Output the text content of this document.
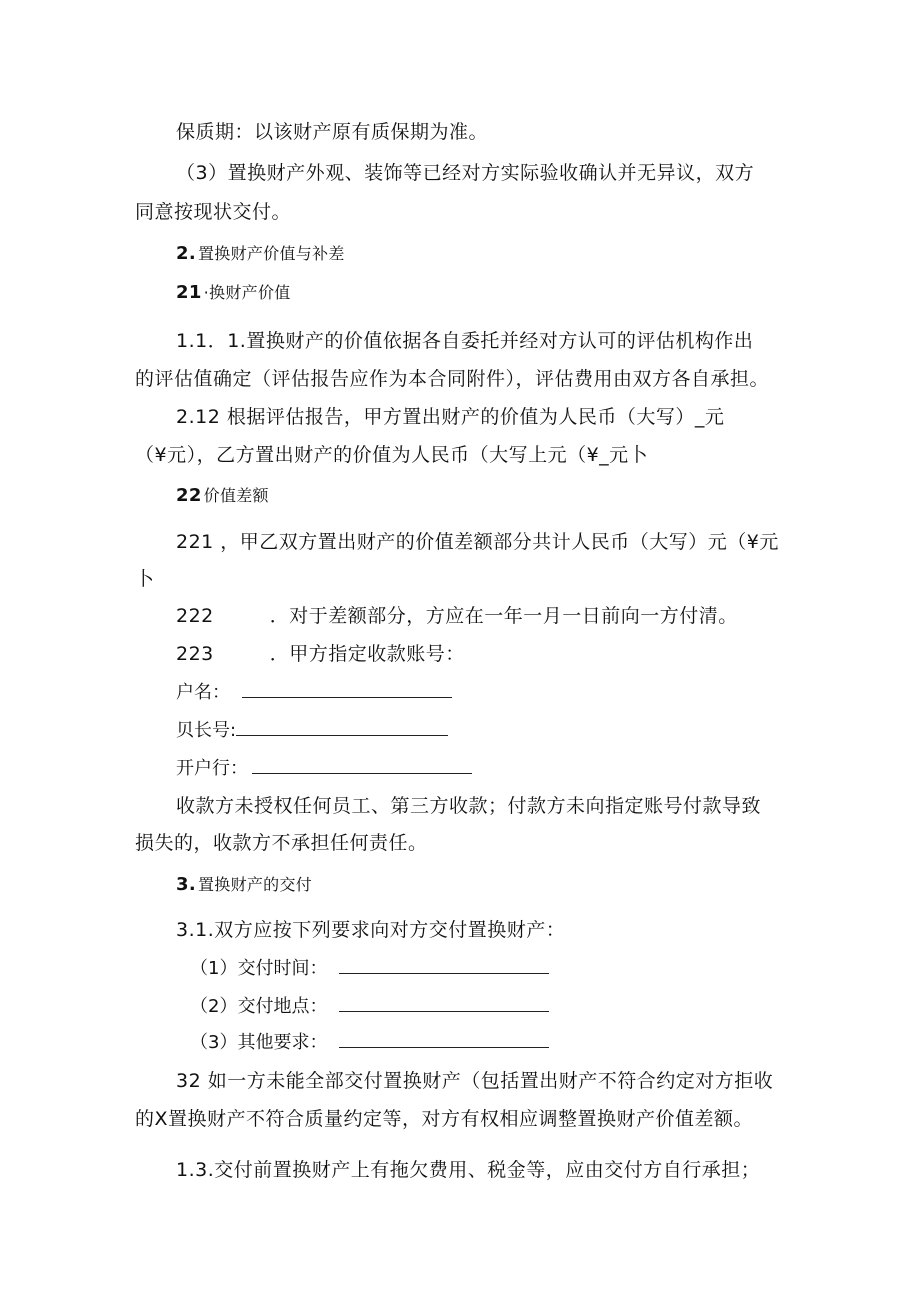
保质期：以该财产原有质保期为准。
（3）置换财产外观、装饰等已经对方实际验收确认并无异议，双方
同意按现状交付。
2. 置换财产价值与补差
21 ·换财产价值
1.1．1.置换财产的价值依据各自委托并经对方认可的评估机构作出
的评估值确定（评估报告应作为本合同附件），评估费用由双方各自承担。
2.12 根据评估报告，甲方置出财产的价值为人民币（大写）_元
（¥元），乙方置出财产的价值为人民币（大写上元（¥_元卜
22 价值差额
221 ，甲乙双方置出财产的价值差额部分共计人民币（大写）元（¥元
卜
222	．对于差额部分，方应在一年一月一日前向一方付清。
223	．甲方指定收款账号：
户名：
贝长号:
开户行：
收款方未授权任何员工、第三方收款；付款方未向指定账号付款导致
损失的，收款方不承担任何责任。
3. 置换财产的交付
3.1.双方应按下列要求向对方交付置换财产：
（1）交付时间：
（2）交付地点：
（3）其他要求：
32 如一方未能全部交付置换财产（包括置出财产不符合约定对方拒收
的Ⅹ置换财产不符合质量约定等，对方有权相应调整置换财产价值差额。
1.3.交付前置换财产上有拖欠费用、税金等，应由交付方自行承担；
